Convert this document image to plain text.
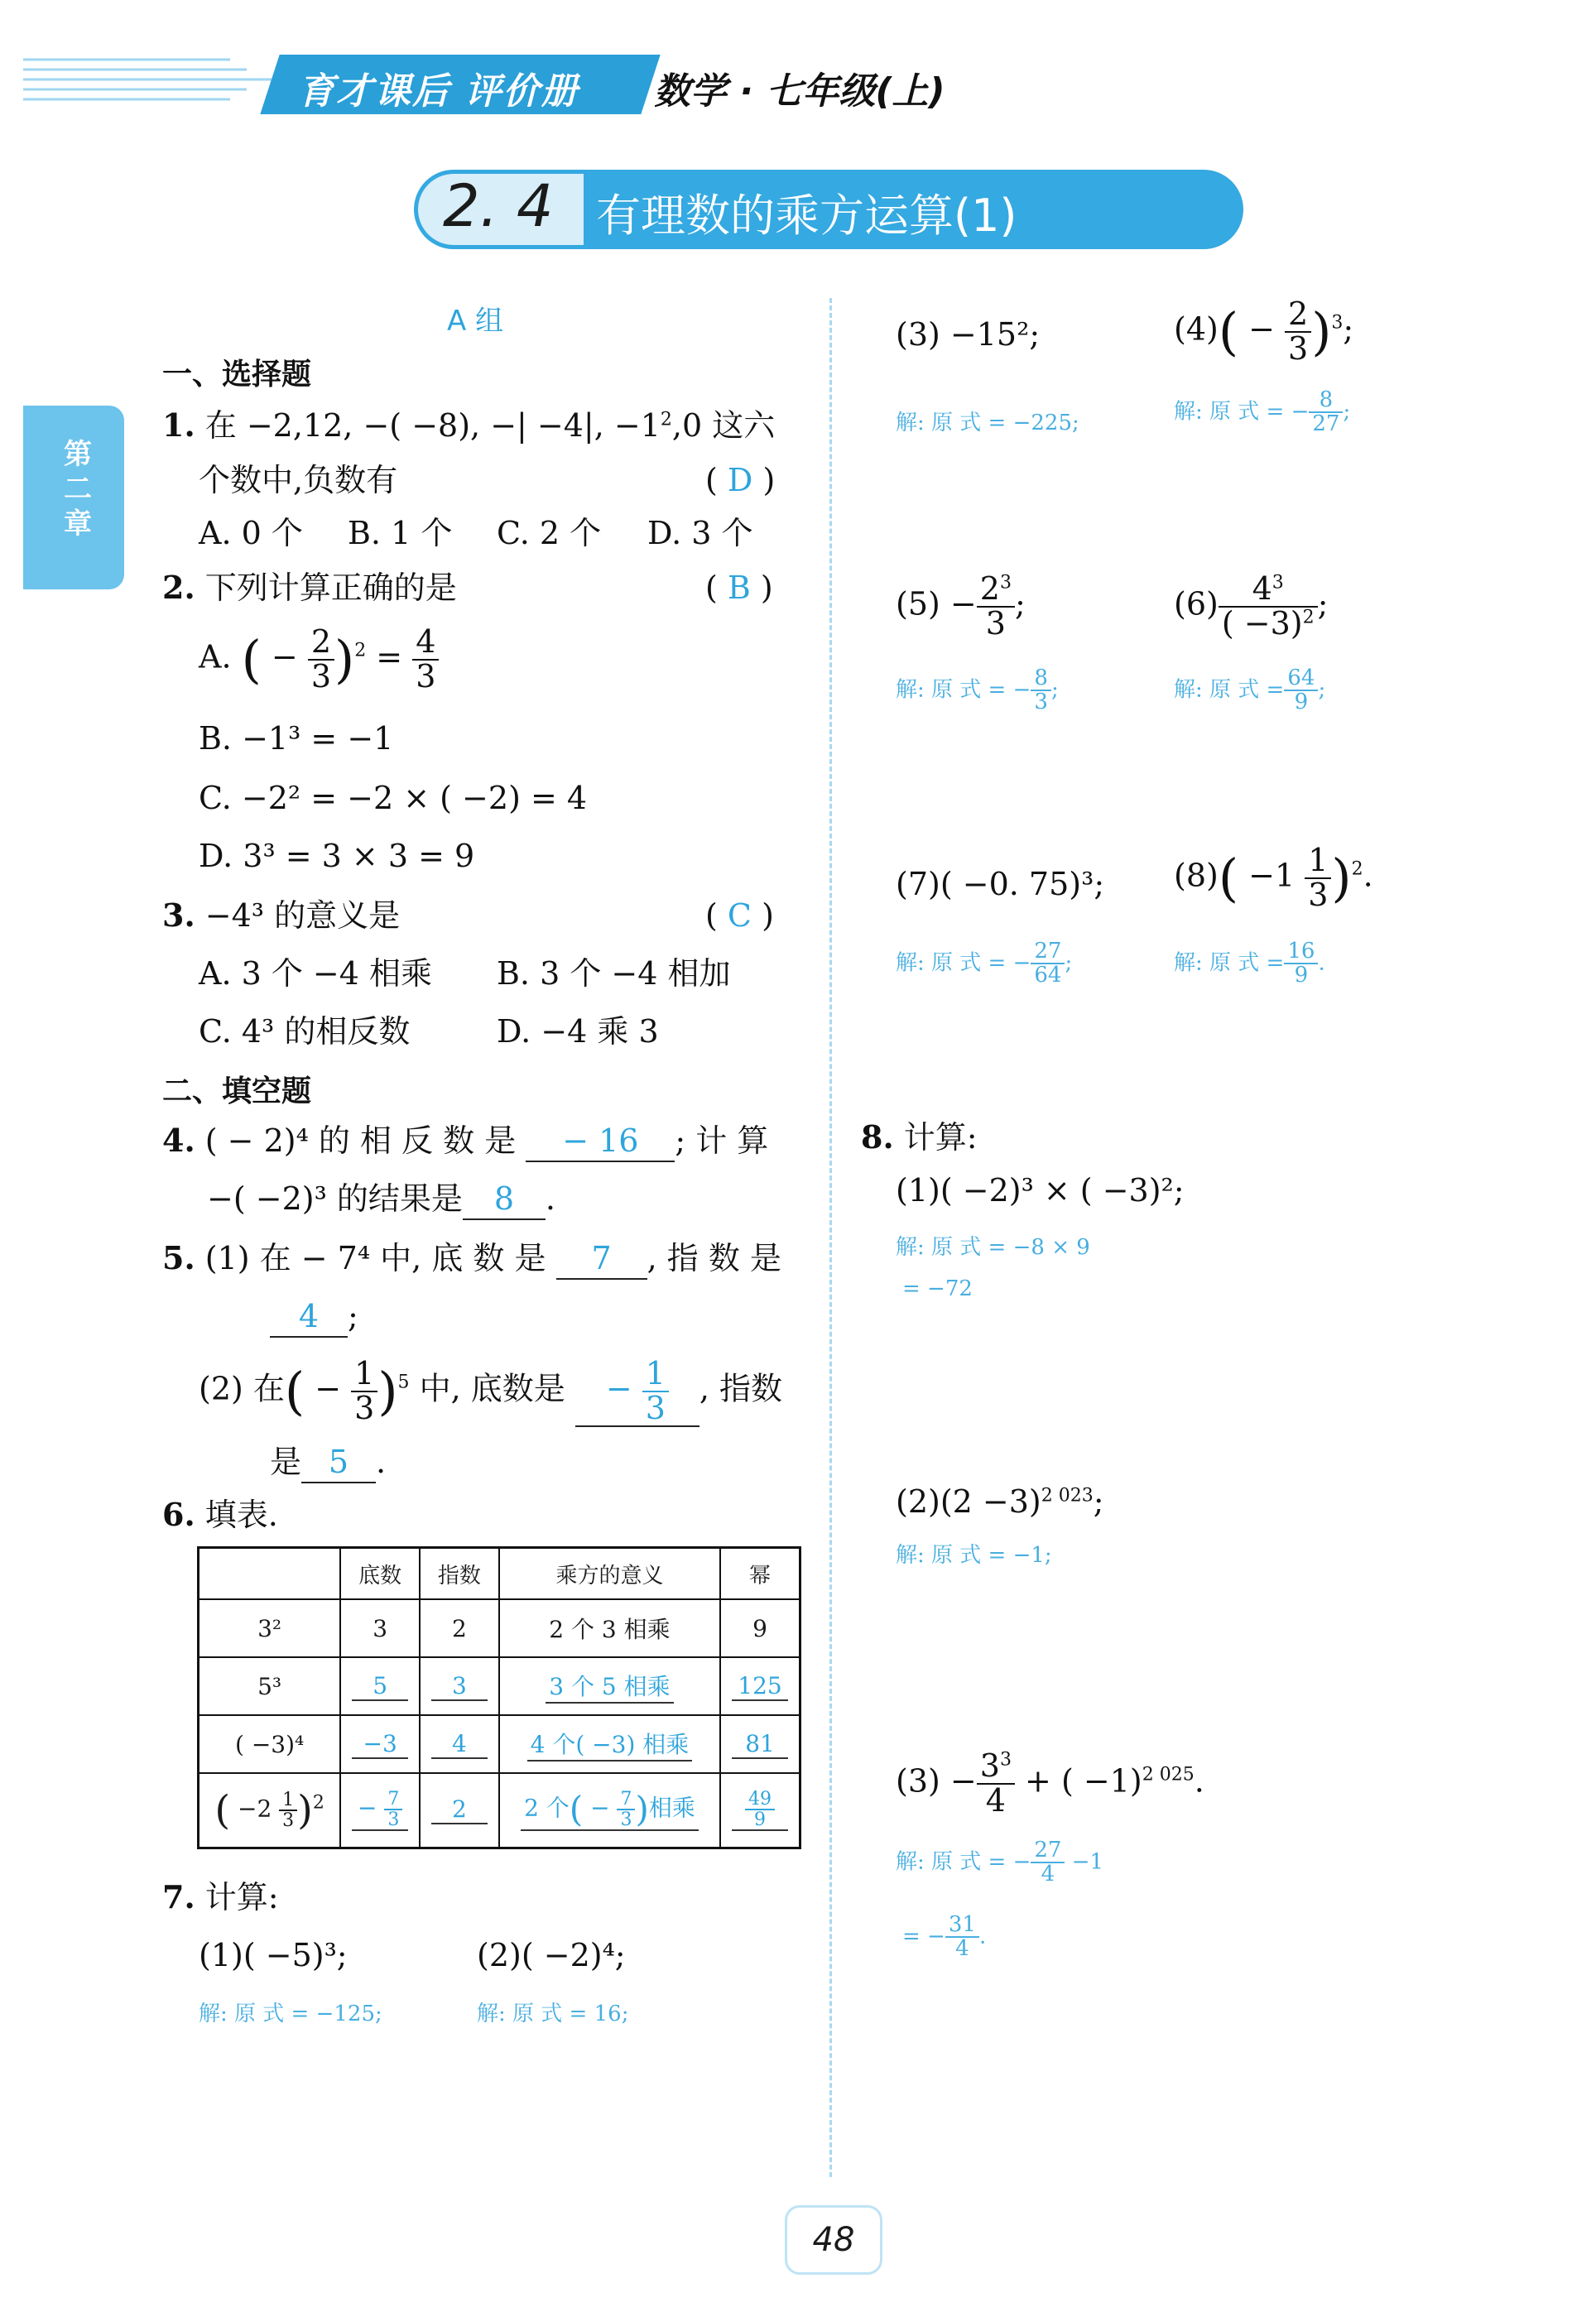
育才课后 评价册 数学 · 七年级(上)
2. 4 有理数的乘方运算(1)
第二章
A 组
一、选择题
1. 在 −2,12, −( −8), −| −4|, $-1^2,0$ 这六
个数中,负数有	( D )
A. 0 个 B. 1 个 C. 2 个 D. 3 个
2. 下列计算正确的是	( B )
A. ( − $\frac{2}{3} )^2 = \frac{4}{3}$
B. −1³ = −1
C. −2² = −2 × ( −2) = 4
D. 3³ = 3 × 3 = 9
3. −4³ 的意义是	( C )
A. 3 个 −4 相乘 B. 3 个 −4 相加
C. 4³ 的相反数	D. −4 乘 3
二、填空题
4. ( − 2)⁴ 的 相 反 数 是 − 16 ; 计 算
−( −2)³ 的结果是 8 .
5. (1) 在 − 7⁴ 中, 底 数 是 7 , 指 数 是
4 ;
(2) 在( − $\frac{1}{3} )^5$ 中, 底数是 − $\frac{1}{3}$ , 指数
是 5 .
6. 填表.
	底数	指数	乘方的意义	幂
3²	3	2	2 个 3 相乘	9
5³	5	3	3 个 5 相乘	125
( −3)⁴	−3	4	4 个( −3) 相乘	81
( $-2 \frac{1}{3} )^2$	− $\frac{7}{3}$	2	2 个( − $\frac{7}{3}$ )相乘	$\frac{49}{9}$
7. 计算:
(1)( −5)³;
解: 原 式 = −125;
(2)( −2)⁴;
解: 原 式 = 16;
(3) −15²;
解: 原 式 = −225;
$(4)( - \frac{2}{3} )^3$;
解: 原 式 = − $\frac{8}{27}$ ;
$(5) - \frac{2^3}{3}$ ;
解: 原 式 = − $\frac{8}{3}$ ;
$(6) \frac{4^3}{( -3)^2}$ ;
解: 原 式 = $\frac{64}{9}$ ;
(7)( −0. 75)³;
解: 原 式 = − $\frac{27}{64}$ ;
$(8)( -1 \frac{1}{3} )^2$.
解: 原 式 = $\frac{16}{9}$ .
8. 计算:
(1)( −2)³ × ( −3)²;
解: 原 式 = −8 × 9
= −72
$(2)(2 -3)^{2 023}$;
解: 原 式 = −1;
$(3) - \frac{3^3}{4}$ + ( −1)$^{2 025}$.
解: 原 式 = − $\frac{27}{4} -1$
= − $\frac{31}{4}$ .
48
